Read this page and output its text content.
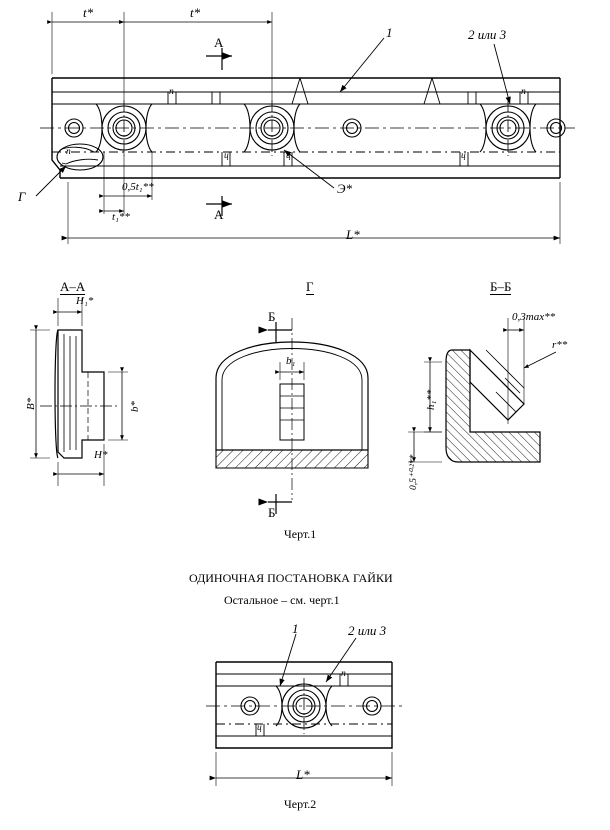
t*	t*
А
А
1	2 или 3
Г
Э*
0,5t₁**
t₁**
L*
А–А	Г	Б–Б
H₁*
H*
B*	b*
Б
Б
b₁
0,3max**
r**
h₁**
0,5⁺⁰·²**
Черт.1
ОДИНОЧНАЯ ПОСТАНОВКА ГАЙКИ
Остальное – см. черт.1
1	2 или 3
L*
Черт.2
п
ц	ц
п
ц
п
ц
п
